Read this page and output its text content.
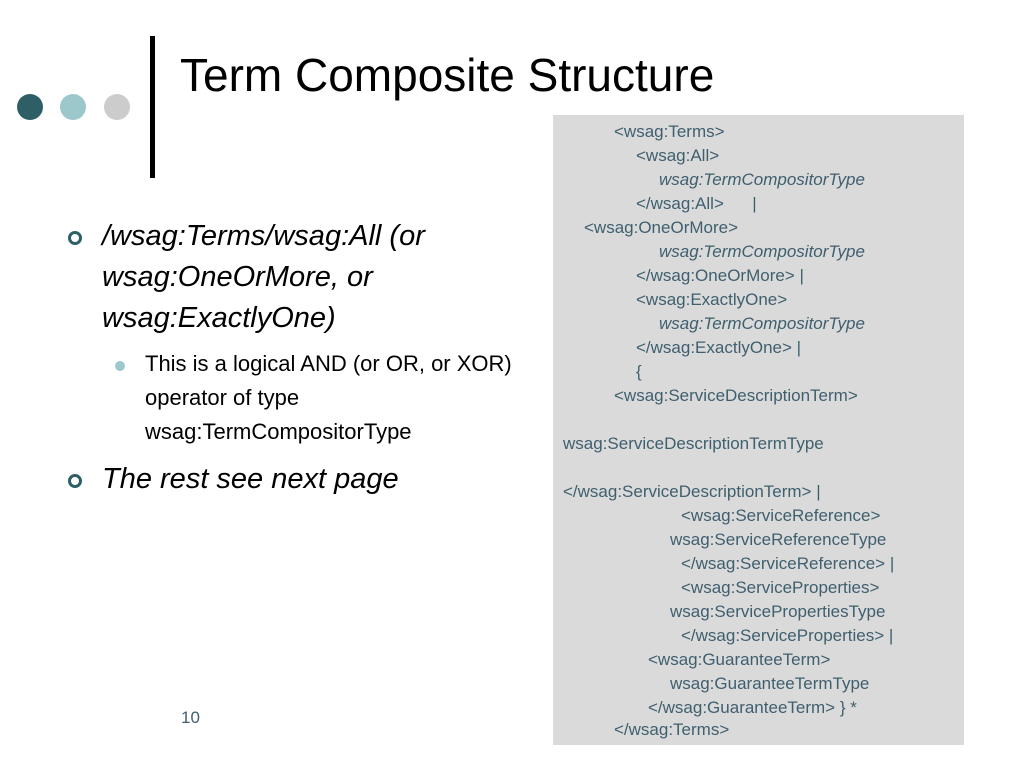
Term Composite Structure
/wsag:Terms/wsag:All (or wsag:OneOrMore, or wsag:ExactlyOne)
This is a logical AND (or OR, or XOR) operator of type wsag:TermCompositorType
The rest see next page
<wsag:Terms>
<wsag:All>
wsag:TermCompositorType
</wsag:All>      |
<wsag:OneOrMore>
wsag:TermCompositorType
</wsag:OneOrMore> |
<wsag:ExactlyOne>
wsag:TermCompositorType
</wsag:ExactlyOne> |
{
<wsag:ServiceDescriptionTerm>
wsag:ServiceDescriptionTermType
</wsag:ServiceDescriptionTerm> |
<wsag:ServiceReference>
wsag:ServiceReferenceType
</wsag:ServiceReference> |
<wsag:ServiceProperties>
wsag:ServicePropertiesType
</wsag:ServiceProperties> |
<wsag:GuaranteeTerm>
wsag:GuaranteeTermType
</wsag:GuaranteeTerm> } *
</wsag:Terms>
10
